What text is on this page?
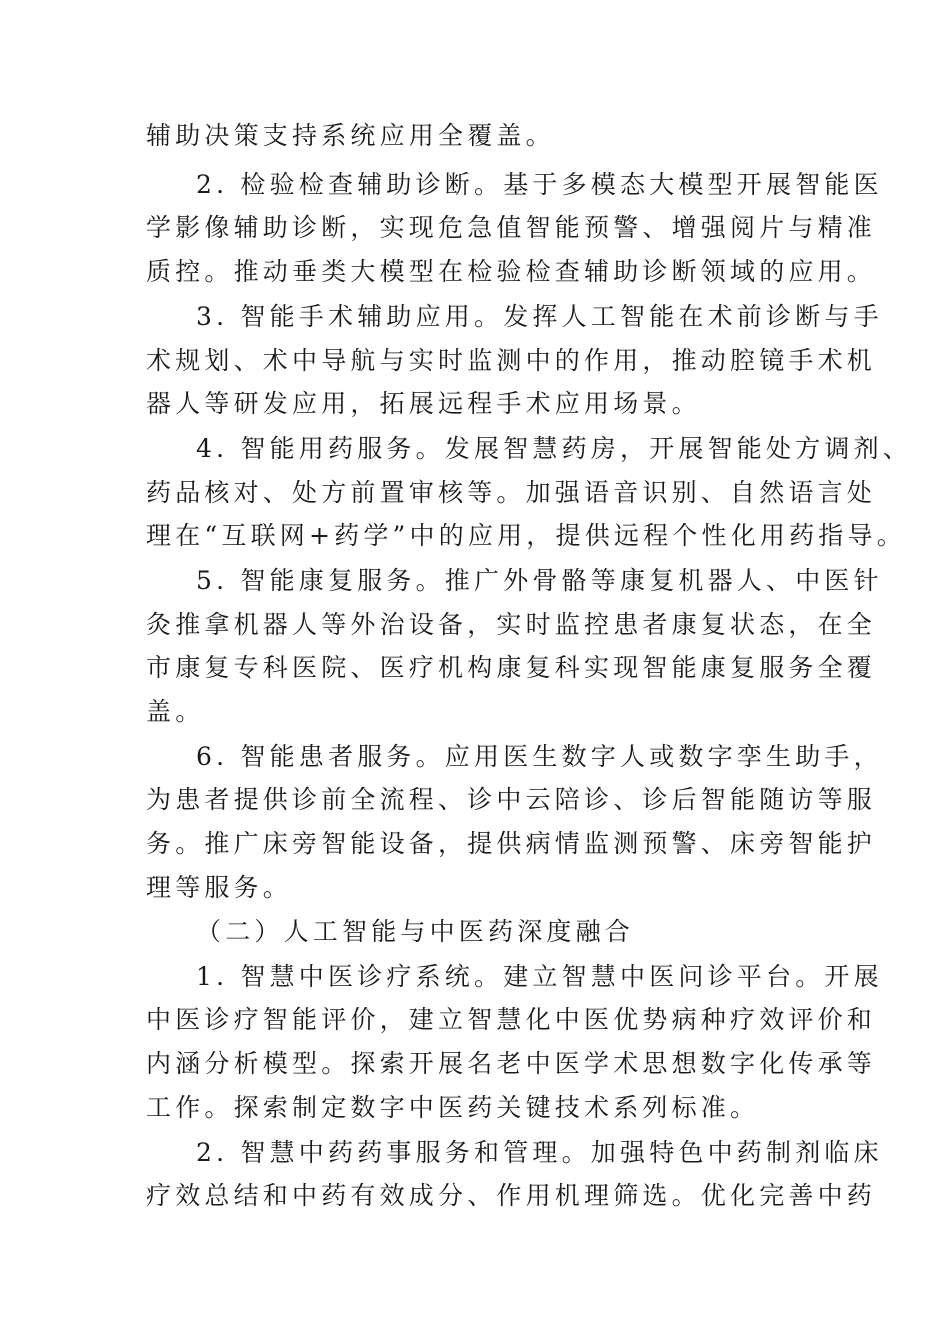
辅助决策支持系统应用全覆盖。
2. 检验检查辅助诊断。基于多模态大模型开展智能医
学影像辅助诊断，实现危急值智能预警、增强阅片与精准
质控。推动垂类大模型在检验检查辅助诊断领域的应用。
3. 智能手术辅助应用。发挥人工智能在术前诊断与手
术规划、术中导航与实时监测中的作用，推动腔镜手术机
器人等研发应用，拓展远程手术应用场景。
4. 智能用药服务。发展智慧药房，开展智能处方调剂、
药品核对、处方前置审核等。加强语音识别、自然语言处
理在“互联网+药学”中的应用，提供远程个性化用药指导。
5. 智能康复服务。推广外骨骼等康复机器人、中医针
灸推拿机器人等外治设备，实时监控患者康复状态，在全
市康复专科医院、医疗机构康复科实现智能康复服务全覆
盖。
6. 智能患者服务。应用医生数字人或数字孪生助手，
为患者提供诊前全流程、诊中云陪诊、诊后智能随访等服
务。推广床旁智能设备，提供病情监测预警、床旁智能护
理等服务。
（二）人工智能与中医药深度融合
1. 智慧中医诊疗系统。建立智慧中医问诊平台。开展
中医诊疗智能评价，建立智慧化中医优势病种疗效评价和
内涵分析模型。探索开展名老中医学术思想数字化传承等
工作。探索制定数字中医药关键技术系列标准。
2. 智慧中药药事服务和管理。加强特色中药制剂临床
疗效总结和中药有效成分、作用机理筛选。优化完善中药
